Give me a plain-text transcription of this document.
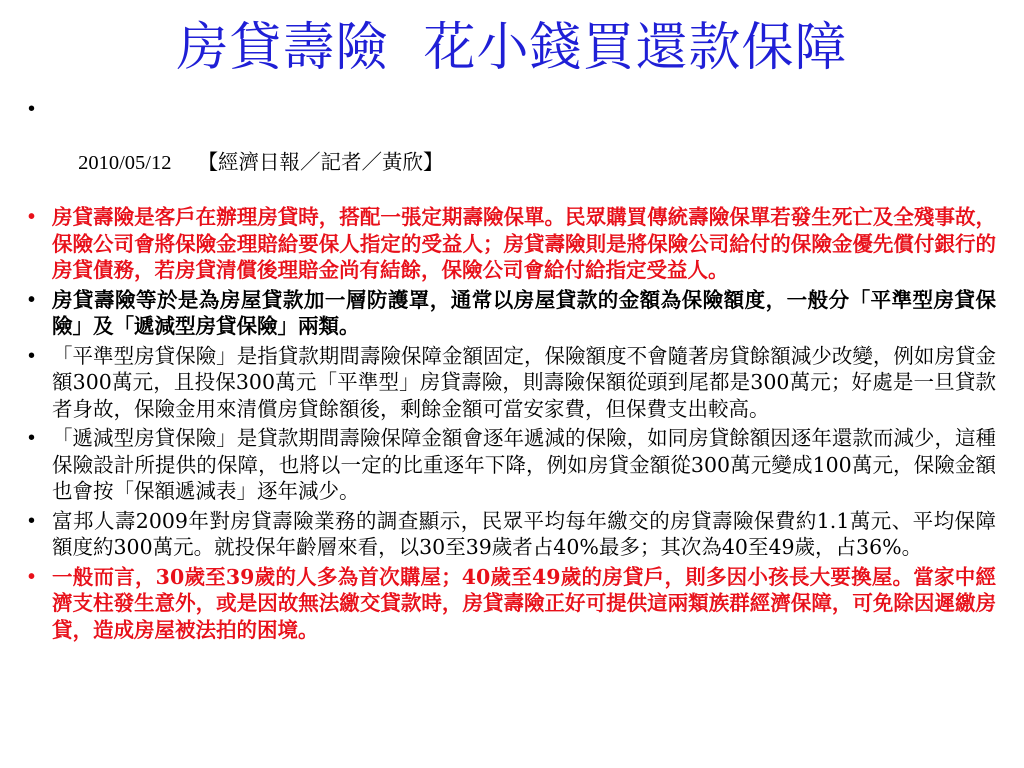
房貸壽險  花小錢買還款保障

•

2010/05/12 【經濟日報／記者／黃欣】

• 房貸壽險是客戶在辦理房貸時，搭配一張定期壽險保單。民眾購買傳統壽險保單若發生死亡及全殘事故，保險公司會將保險金理賠給要保人指定的受益人；房貸壽險則是將保險公司給付的保險金優先償付銀行的房貸債務，若房貸清償後理賠金尚有結餘，保險公司會給付給指定受益人。
• 房貸壽險等於是為房屋貸款加一層防護罩，通常以房屋貸款的金額為保險額度，一般分「平準型房貸保險」及「遞減型房貸保險」兩類。
• 「平準型房貸保險」是指貸款期間壽險保障金額固定，保險額度不會隨著房貸餘額減少改變，例如房貸金額300萬元，且投保300萬元「平準型」房貸壽險，則壽險保額從頭到尾都是300萬元；好處是一旦貸款者身故，保險金用來清償房貸餘額後，剩餘金額可當安家費，但保費支出較高。
• 「遞減型房貸保險」是貸款期間壽險保障金額會逐年遞減的保險，如同房貸餘額因逐年還款而減少，這種保險設計所提供的保障，也將以一定的比重逐年下降，例如房貸金額從300萬元變成100萬元，保險金額也會按「保額遞減表」逐年減少。
• 富邦人壽2009年對房貸壽險業務的調查顯示，民眾平均每年繳交的房貸壽險保費約1.1萬元、平均保障額度約300萬元。就投保年齡層來看，以30至39歲者占40%最多；其次為40至49歲，占36%。
• 一般而言，30歲至39歲的人多為首次購屋；40歲至49歲的房貸戶，則多因小孩長大要換屋。當家中經濟支柱發生意外，或是因故無法繳交貸款時，房貸壽險正好可提供這兩類族群經濟保障，可免除因遲繳房貸，造成房屋被法拍的困境。
